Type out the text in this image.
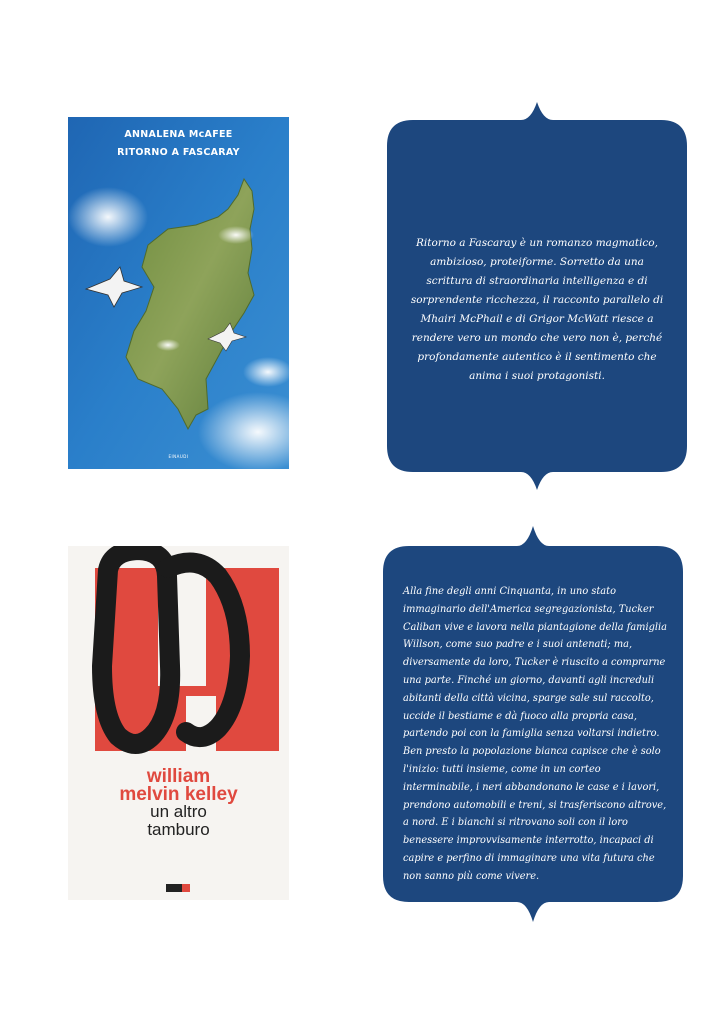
ANNALENA McAFEE
RITORNO A FASCARAY
EINAUDI
Ritorno a Fascaray è un romanzo magmatico, ambizioso, proteiforme. Sorretto da una scrittura di straordinaria intelligenza e di sorprendente ricchezza, il racconto parallelo di Mhairi McPhail e di Grigor McWatt riesce a rendere vero un mondo che vero non è, perché profondamente autentico è il sentimento che anima i suoi protagonisti.
william
melvin kelley
un altro
tamburo
Alla fine degli anni Cinquanta, in uno stato immaginario dell'America segregazionista, Tucker Caliban vive e lavora nella piantagione della famiglia Willson, come suo padre e i suoi antenati; ma, diversamente da loro, Tucker è riuscito a comprarne una parte. Finché un giorno, davanti agli increduli abitanti della città vicina, sparge sale sul raccolto, uccide il bestiame e dà fuoco alla propria casa, partendo poi con la famiglia senza voltarsi indietro. Ben presto la popolazione bianca capisce che è solo l'inizio: tutti insieme, come in un corteo interminabile, i neri abbandonano le case e i lavori, prendono automobili e treni, si trasferiscono altrove, a nord. E i bianchi si ritrovano soli con il loro benessere improvvisamente interrotto, incapaci di capire e perfino di immaginare una vita futura che non sanno più come vivere.
